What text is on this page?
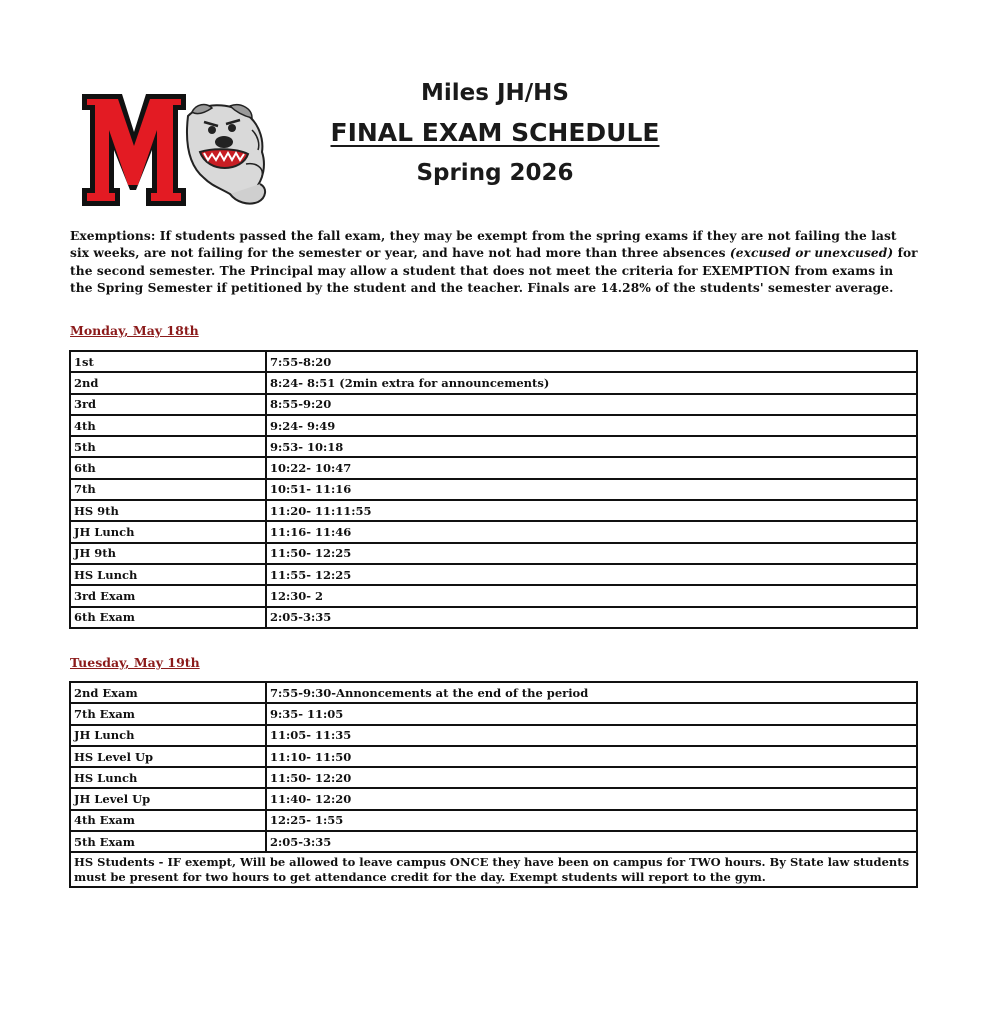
Miles JH/HS
FINAL EXAM SCHEDULE
Spring 2026
Exemptions: If students passed the fall exam, they may be exempt from the spring exams if they are not failing the last six weeks, are not failing for the semester or year, and have not had more than three absences (excused or unexcused) for the second semester. The Principal may allow a student that does not meet the criteria for EXEMPTION from exams in the Spring Semester if petitioned by the student and the teacher. Finals are 14.28% of the students' semester average.
Monday, May 18th
1st	7:55-8:20
2nd	8:24- 8:51 (2min extra for announcements)
3rd	8:55-9:20
4th	9:24- 9:49
5th	9:53- 10:18
6th	10:22- 10:47
7th	10:51- 11:16
HS 9th	11:20- 11:11:55
JH Lunch	11:16- 11:46
JH 9th	11:50- 12:25
HS Lunch	11:55- 12:25
3rd Exam	12:30- 2
6th Exam	2:05-3:35
Tuesday, May 19th
2nd Exam	7:55-9:30-Annoncements at the end of the period
7th Exam	9:35- 11:05
JH Lunch	11:05- 11:35
HS Level Up	11:10- 11:50
HS Lunch	11:50- 12:20
JH Level Up	11:40- 12:20
4th Exam	12:25- 1:55
5th Exam	2:05-3:35
HS Students - IF exempt, Will be allowed to leave campus ONCE they have been on campus for TWO hours. By State law students must be present for two hours to get attendance credit for the day. Exempt students will report to the gym.	
